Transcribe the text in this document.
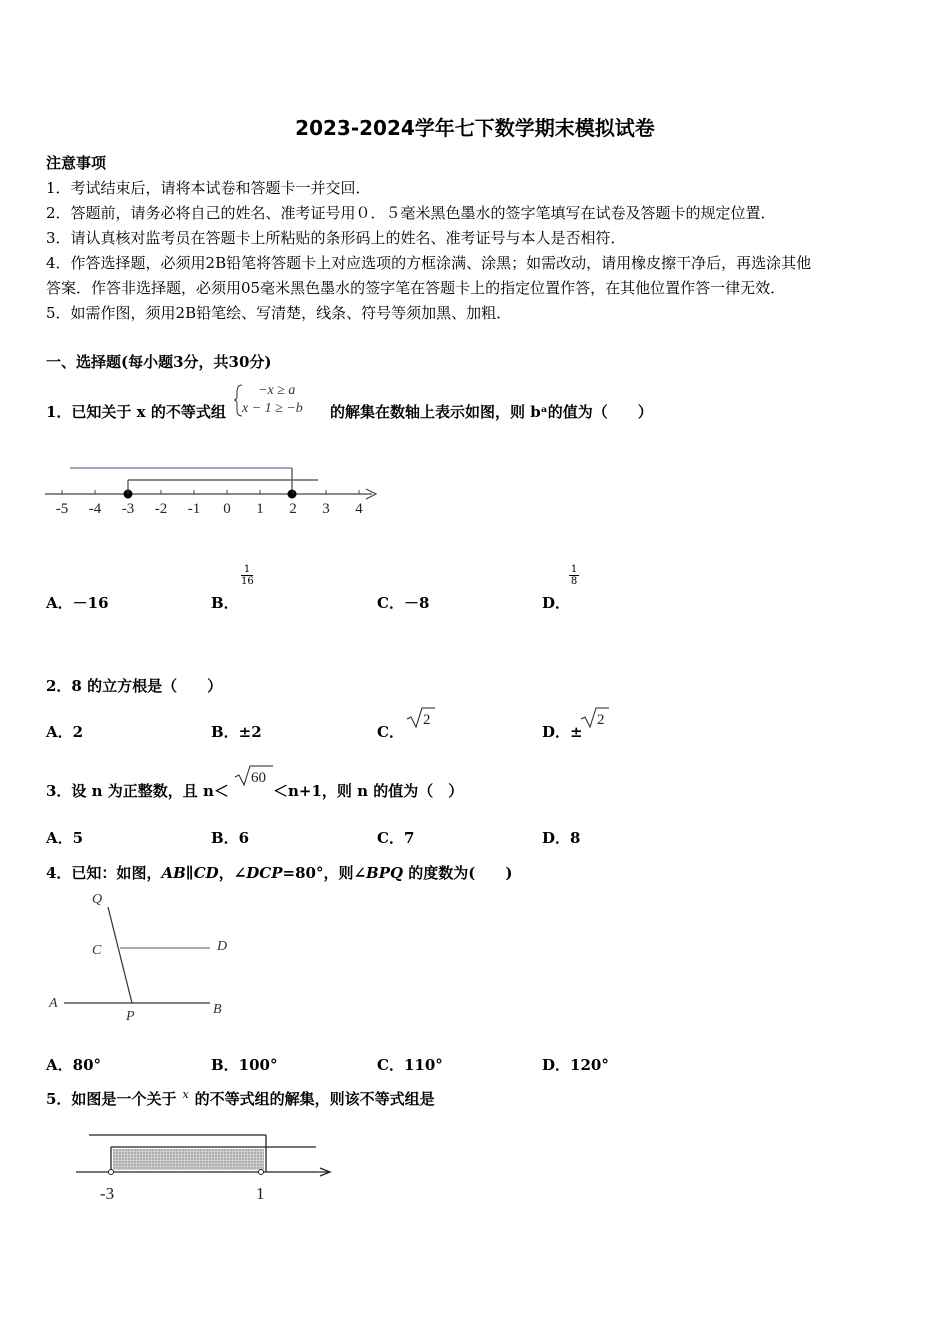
2023-2024学年七下数学期末模拟试卷
注意事项
1．考试结束后，请将本试卷和答题卡一并交回．
2．答题前，请务必将自己的姓名、准考证号用０．５毫米黑色墨水的签字笔填写在试卷及答题卡的规定位置．
3．请认真核对监考员在答题卡上所粘贴的条形码上的姓名、准考证号与本人是否相符．
4．作答选择题，必须用2B铅笔将答题卡上对应选项的方框涂满、涂黑；如需改动，请用橡皮擦干净后，再选涂其他
答案．作答非选择题，必须用05毫米黑色墨水的签字笔在答题卡上的指定位置作答，在其他位置作答一律无效．
5．如需作图，须用2B铅笔绘、写清楚，线条、符号等须加黑、加粗．
一、选择题(每小题3分，共30分)
1．已知关于 x 的不等式组
−x ≥ a
x − 1 ≥ −b 的解集在数轴上表示如图，则 bᵃ的值为（　　）
-5 -4 -3 -2 -1 0 1 2 3 4
A．－16	B．
$\frac{1}{16}$
C．－8	D．
$\frac{1}{8}$
2．8 的立方根是（　　）
A．2	B．±2	C．
2
D．±
2
3．设 n 为正整数，且 n＜
60
＜n+1，则 n 的值为（　）
A．5	B．6	C．7	D．8
4．已知：如图，AB∥CD，∠DCP=80°，则∠BPQ 的度数为(　　)
Q
C	D
A
P	B
A．80°	B．100°	C．110°	D．120°
5．如图是一个关于 $^x$ 的不等式组的解集，则该不等式组是
-3	1
